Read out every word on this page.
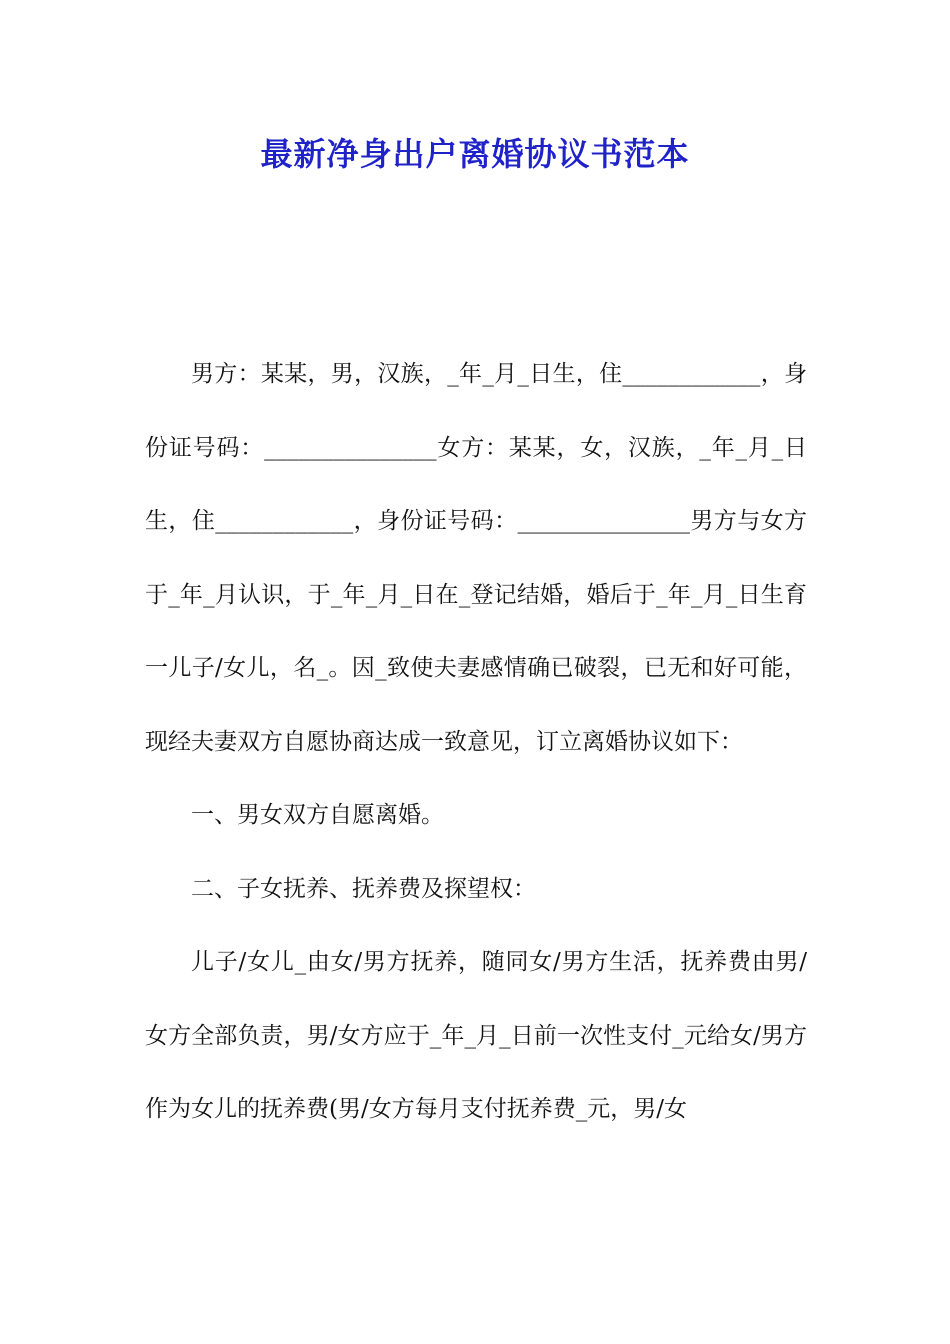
最新净身出户离婚协议书范本

男方：某某，男，汉族，_年_月_日生，住____________，身份证号码：_______________女方：某某，女，汉族，_年_月_日生，住____________，身份证号码：_______________男方与女方于_年_月认识，于_年_月_日在_登记结婚，婚后于_年_月_日生育一儿子/女儿，名_。因_致使夫妻感情确已破裂，已无和好可能，现经夫妻双方自愿协商达成一致意见，订立离婚协议如下：

一、男女双方自愿离婚。

二、子女抚养、抚养费及探望权：

儿子/女儿_由女/男方抚养，随同女/男方生活，抚养费由男/女方全部负责，男/女方应于_年_月_日前一次性支付_元给女/男方作为女儿的抚养费(男/女方每月支付抚养费_元，男/女
